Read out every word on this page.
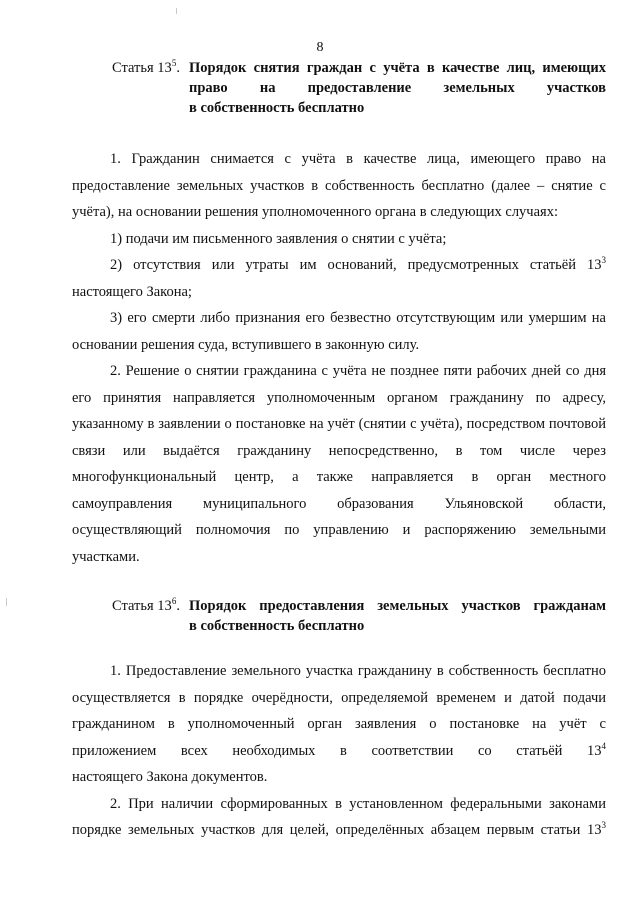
8
Статья $13^5$. Порядок снятия граждан с учёта в качестве лиц, имеющих
право на предоставление земельных участков
в собственность бесплатно

1. Гражданин снимается с учёта в качестве лица, имеющего право на предоставление земельных участков в собственность бесплатно (далее – снятие с учёта), на основании решения уполномоченного органа в следующих случаях:

1) подачи им письменного заявления о снятии с учёта;

2) отсутствия или утраты им оснований, предусмотренных статьёй $13^3$

настоящего Закона;

3) его смерти либо признания его безвестно отсутствующим или умершим на основании решения суда, вступившего в законную силу.

2. Решение о снятии гражданина с учёта не позднее пяти рабочих дней со дня его принятия направляется уполномоченным органом гражданину по адресу, указанному в заявлении о постановке на учёт (снятии с учёта), посредством почтовой связи или выдаётся гражданину непосредственно, в том числе через многофункциональный центр, а также направляется в орган местного самоуправления муниципального образования Ульяновской области, осуществляющий полномочия по управлению и распоряжению земельными участками.

Статья $13^6$. Порядок предоставления земельных участков гражданам
в собственность бесплатно

1. Предоставление земельного участка гражданину в собственность бесплатно осуществляется в порядке очерёдности, определяемой временем и датой подачи гражданином в уполномоченный орган заявления о постановке на учёт с приложением всех необходимых в соответствии со статьёй $13^4$

настоящего Закона документов.

2. При наличии сформированных в установленном федеральными законами порядке земельных участков для целей, определённых абзацем первым статьи $13^3$
